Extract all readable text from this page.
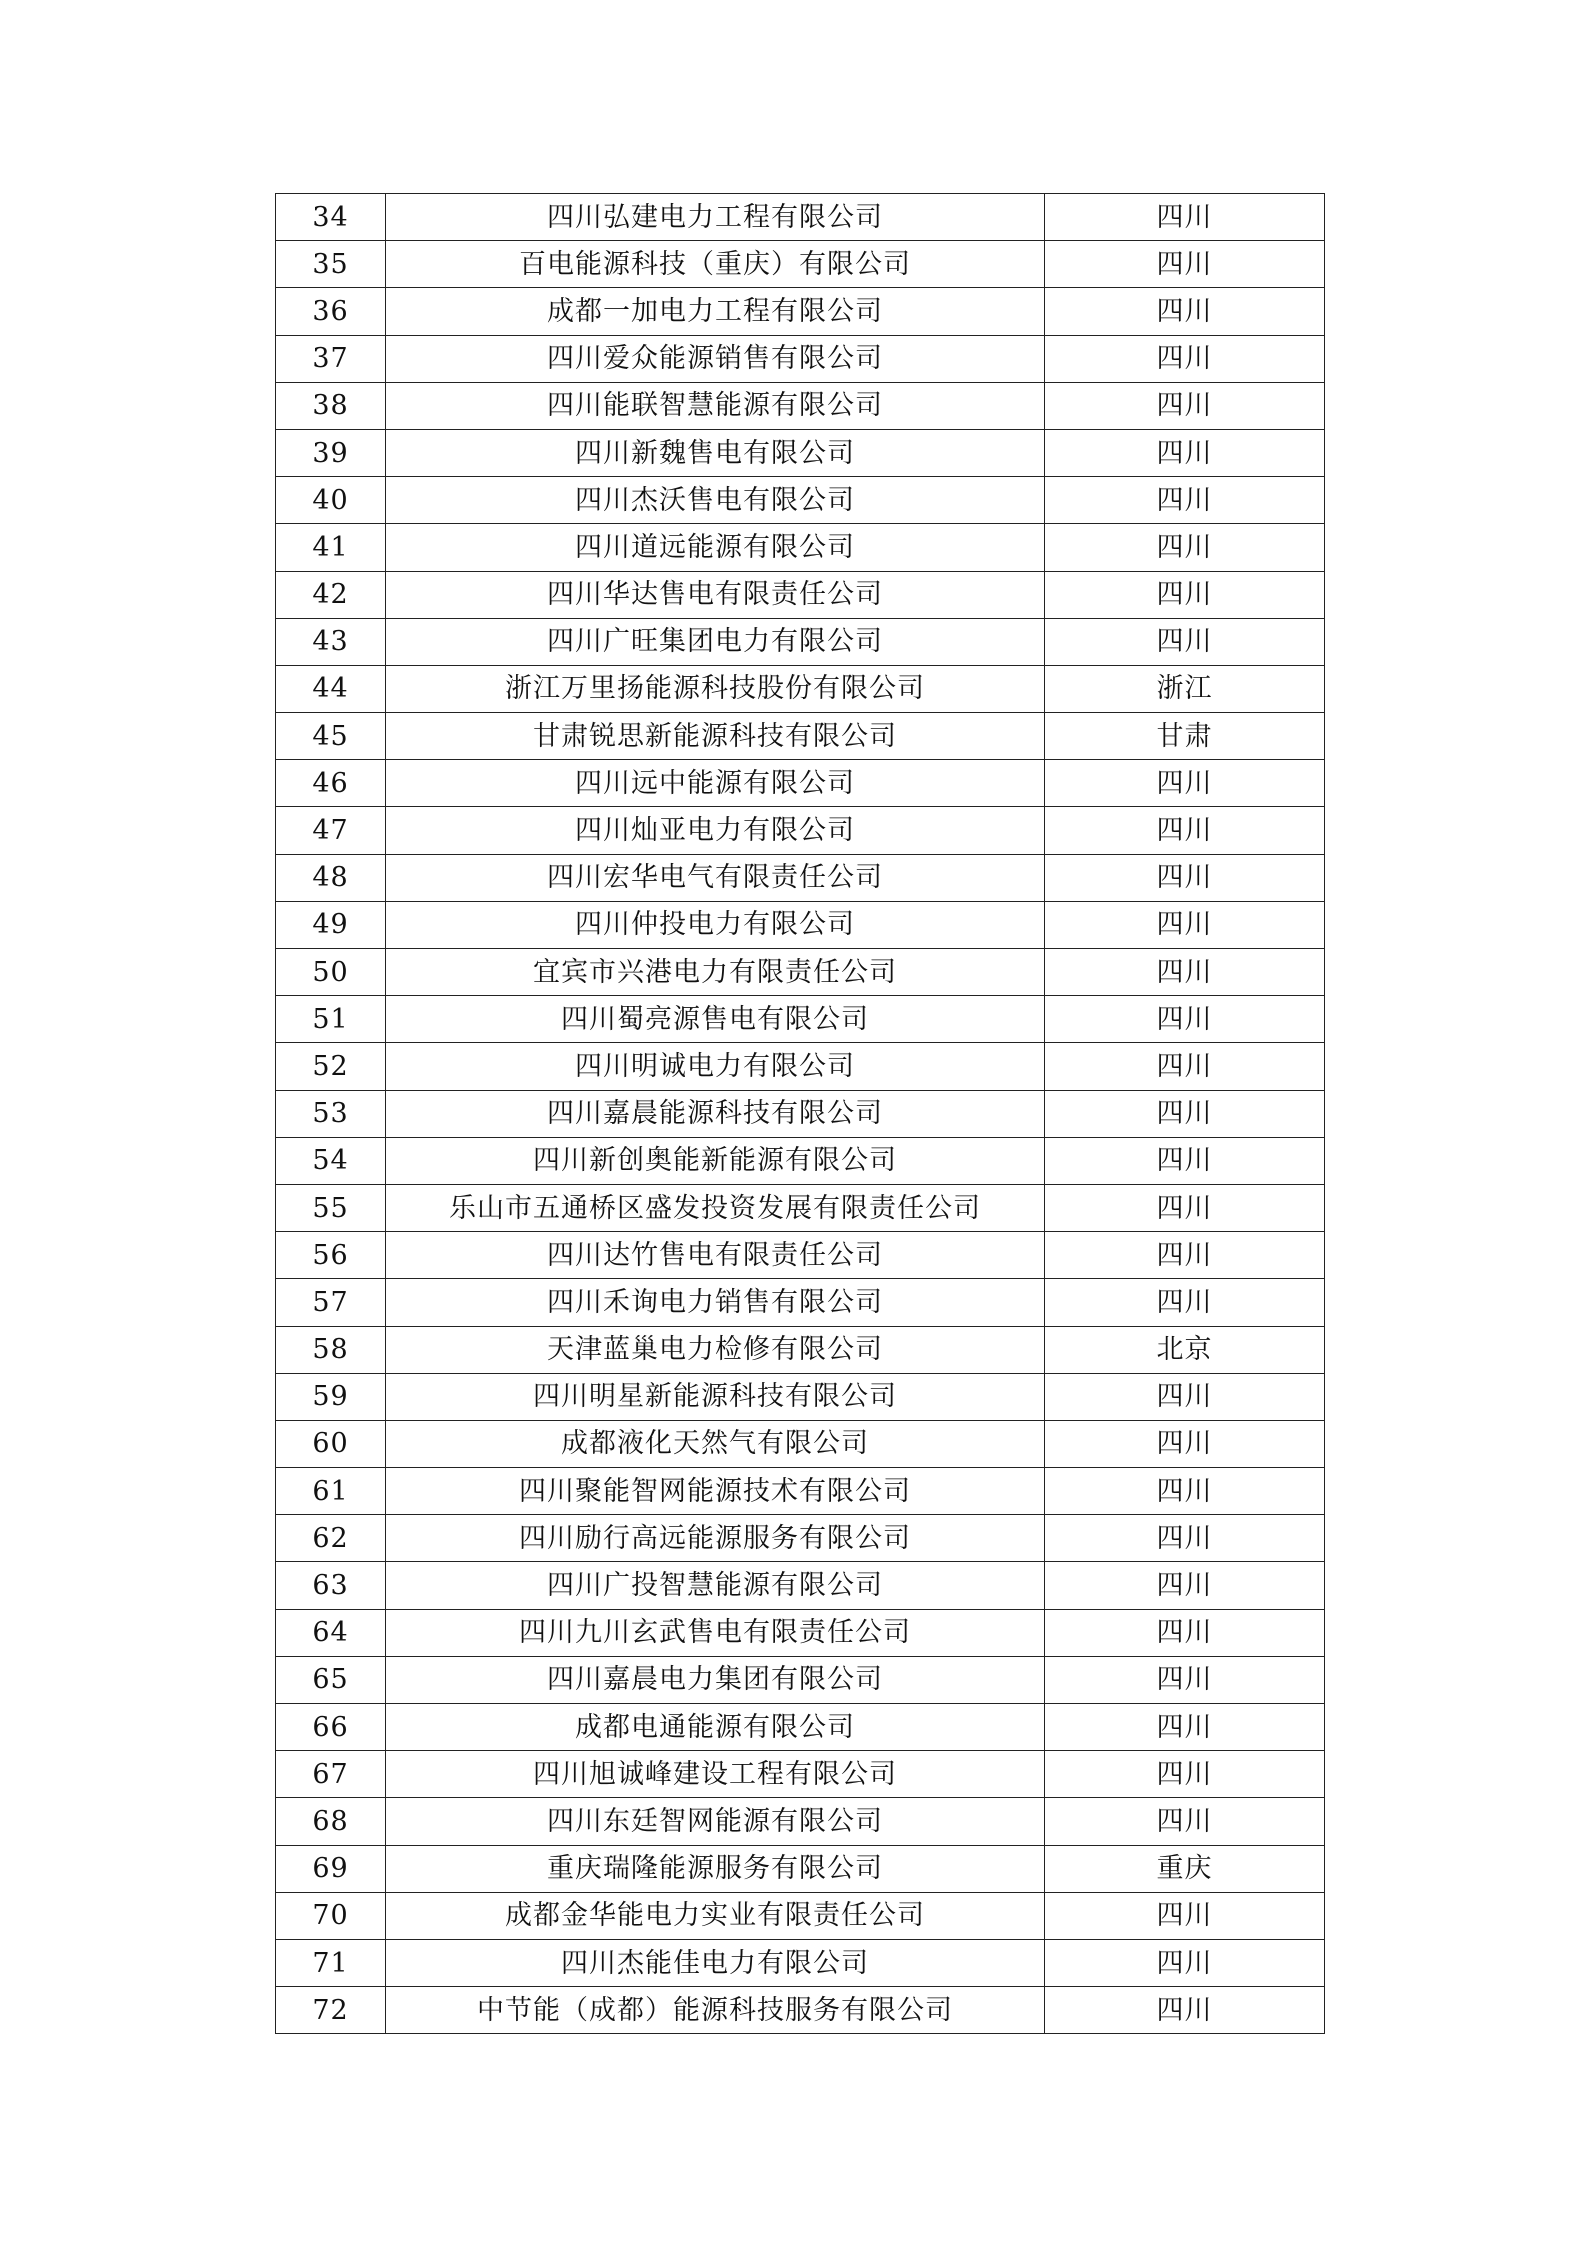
34	四川弘建电力工程有限公司	四川
35	百电能源科技（重庆）有限公司	四川
36	成都一加电力工程有限公司	四川
37	四川爱众能源销售有限公司	四川
38	四川能联智慧能源有限公司	四川
39	四川新魏售电有限公司	四川
40	四川杰沃售电有限公司	四川
41	四川道远能源有限公司	四川
42	四川华达售电有限责任公司	四川
43	四川广旺集团电力有限公司	四川
44	浙江万里扬能源科技股份有限公司	浙江
45	甘肃锐思新能源科技有限公司	甘肃
46	四川远中能源有限公司	四川
47	四川灿亚电力有限公司	四川
48	四川宏华电气有限责任公司	四川
49	四川仲投电力有限公司	四川
50	宜宾市兴港电力有限责任公司	四川
51	四川蜀亮源售电有限公司	四川
52	四川明诚电力有限公司	四川
53	四川嘉晨能源科技有限公司	四川
54	四川新创奥能新能源有限公司	四川
55	乐山市五通桥区盛发投资发展有限责任公司	四川
56	四川达竹售电有限责任公司	四川
57	四川禾询电力销售有限公司	四川
58	天津蓝巢电力检修有限公司	北京
59	四川明星新能源科技有限公司	四川
60	成都液化天然气有限公司	四川
61	四川聚能智网能源技术有限公司	四川
62	四川励行高远能源服务有限公司	四川
63	四川广投智慧能源有限公司	四川
64	四川九川玄武售电有限责任公司	四川
65	四川嘉晨电力集团有限公司	四川
66	成都电通能源有限公司	四川
67	四川旭诚峰建设工程有限公司	四川
68	四川东廷智网能源有限公司	四川
69	重庆瑞隆能源服务有限公司	重庆
70	成都金华能电力实业有限责任公司	四川
71	四川杰能佳电力有限公司	四川
72	中节能（成都）能源科技服务有限公司	四川
